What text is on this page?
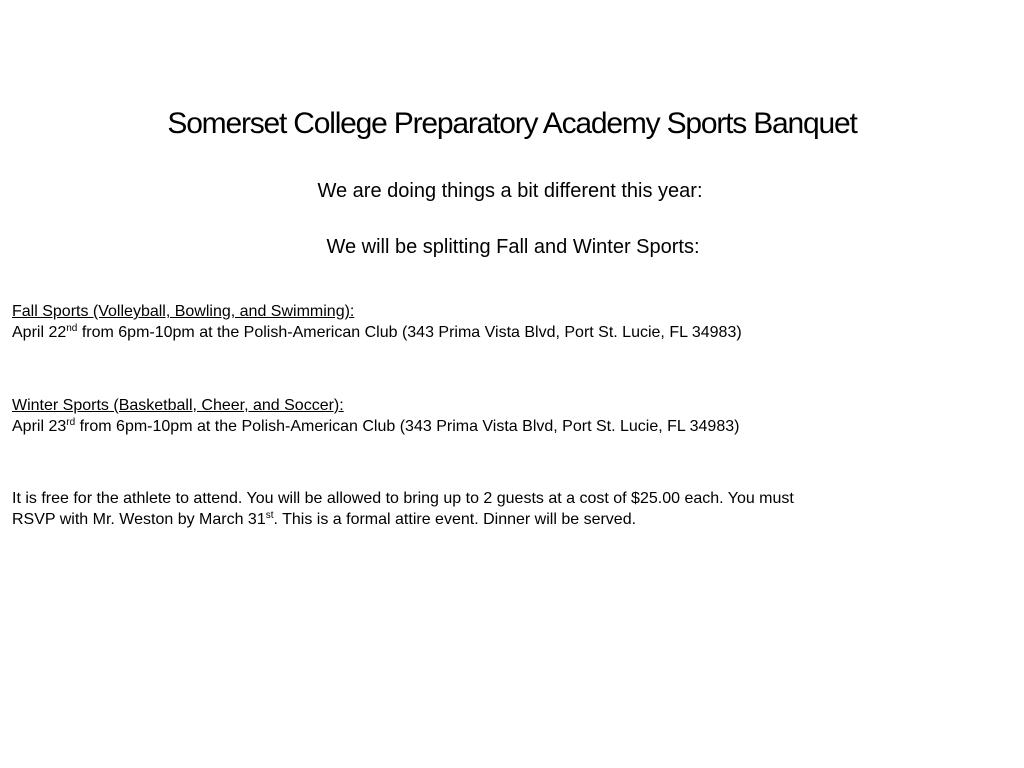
Somerset College Preparatory Academy Sports Banquet

We are doing things a bit different this year:

We will be splitting Fall and Winter Sports:

Fall Sports (Volleyball, Bowling, and Swimming):
April 22nd from 6pm-10pm at the Polish-American Club (343 Prima Vista Blvd, Port St. Lucie, FL 34983)
Winter Sports (Basketball, Cheer, and Soccer):
April 23rd from 6pm-10pm at the Polish-American Club (343 Prima Vista Blvd, Port St. Lucie, FL 34983)
It is free for the athlete to attend. You will be allowed to bring up to 2 guests at a cost of $25.00 each. You must
RSVP with Mr. Weston by March 31st. This is a formal attire event. Dinner will be served.
